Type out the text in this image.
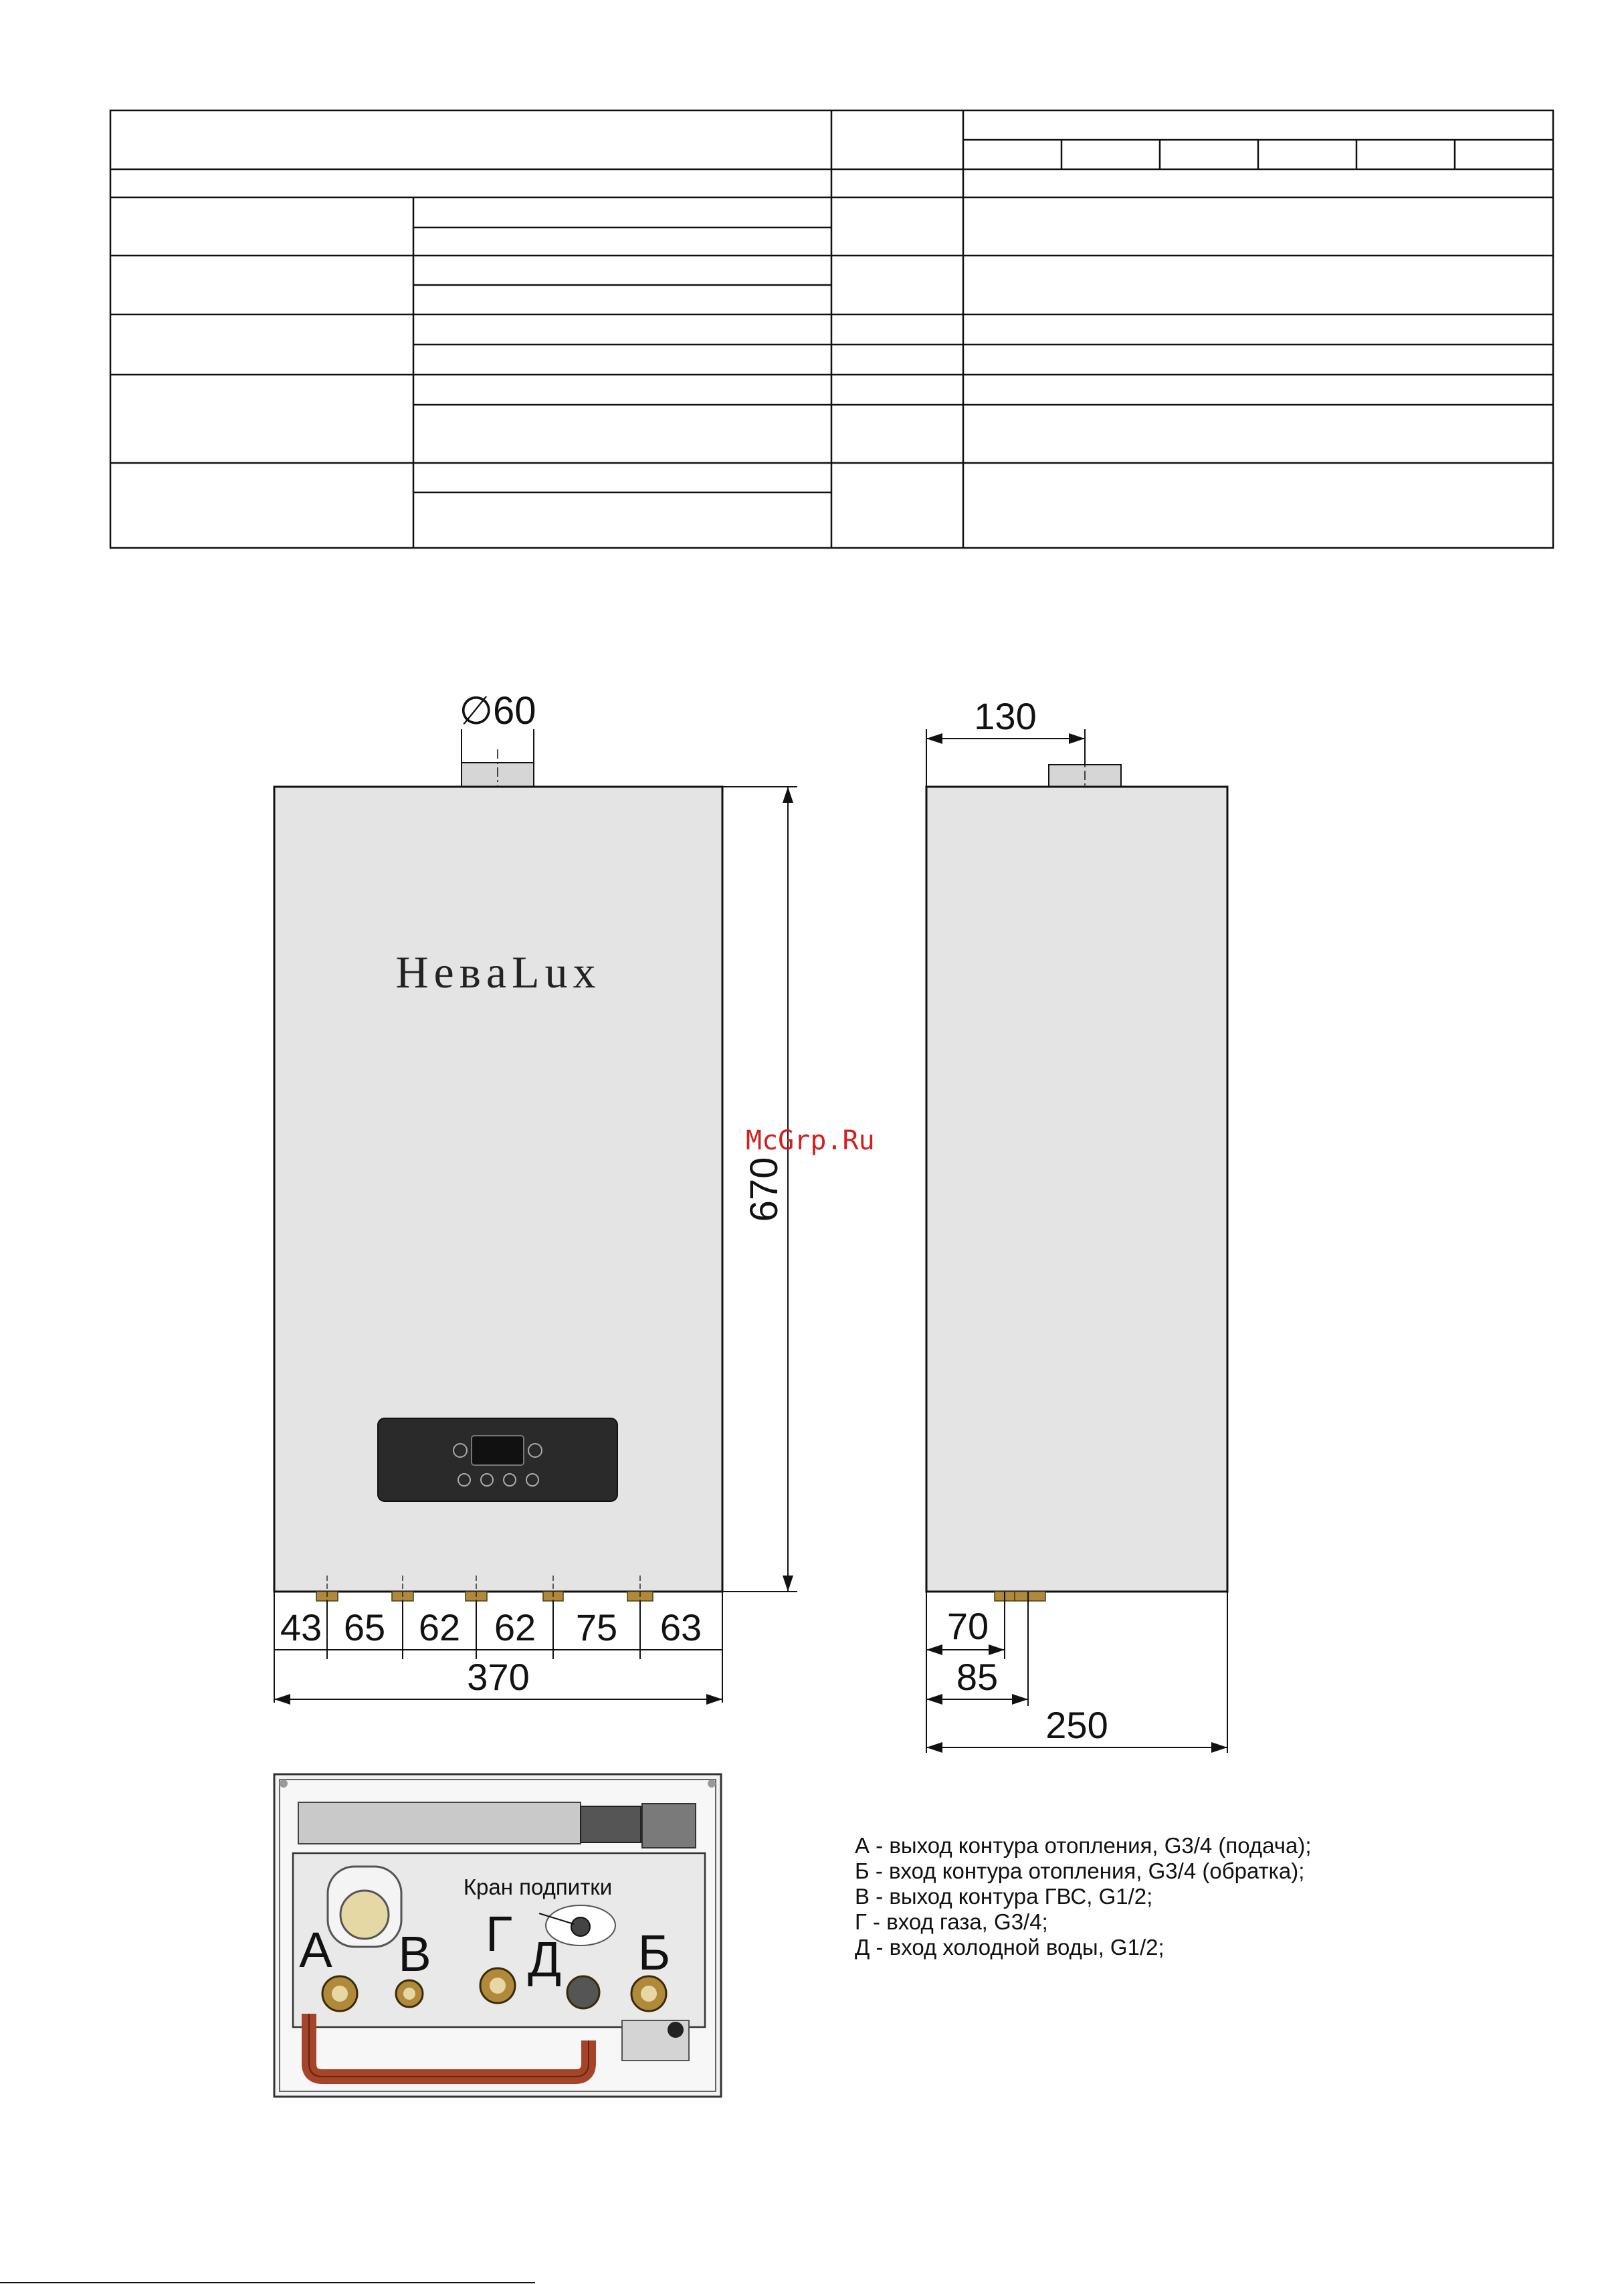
HeвaLux
∅60
670
43 65 62 62 75 63
370
McGrp.Ru
130
70
85
250
Кран подпитки
А В Г Д Б
А - выход контура отопления, G3/4 (подача);
Б - вход контура отопления, G3/4 (обратка);
В - выход контура ГВС, G1/2;
Г - вход газа, G3/4;
Д - вход холодной воды, G1/2;
